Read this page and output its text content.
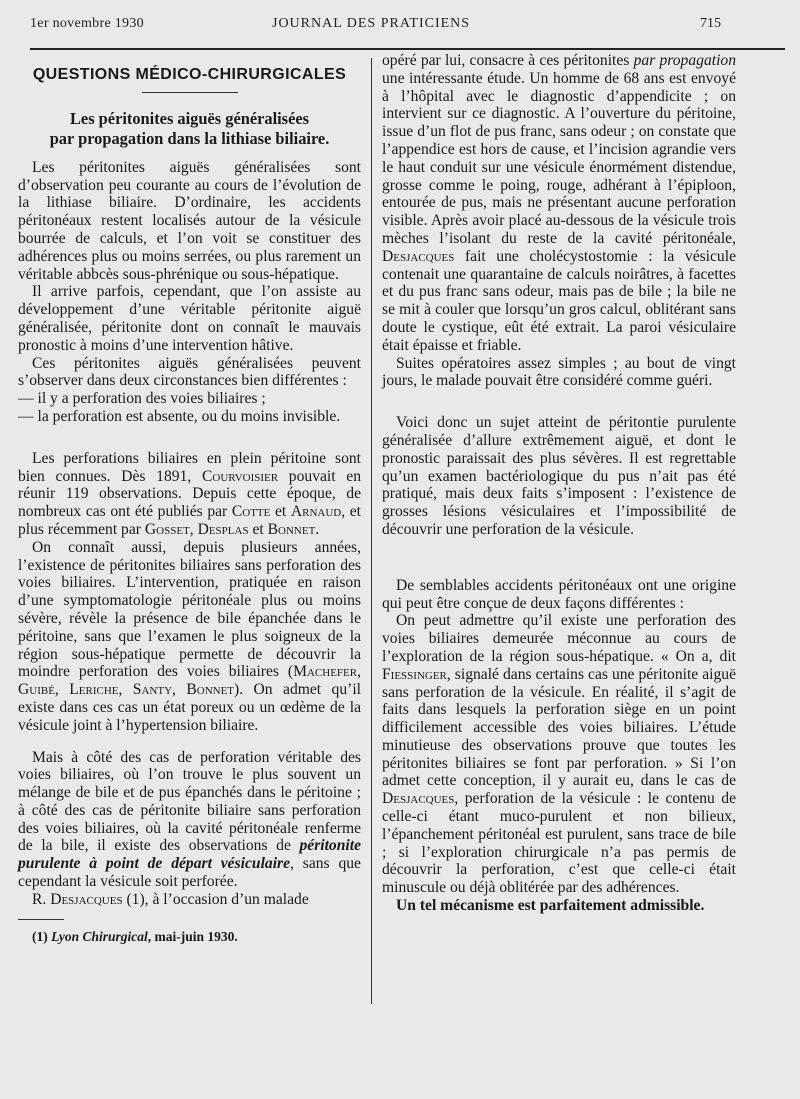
1er novembre 1930	JOURNAL DES PRATICIENS	715
QUESTIONS MÉDICO-CHIRURGICALES
Les péritonites aiguës généralisées
par propagation dans la lithiase biliaire.

Les péritonites aiguës généralisées sont d’observation peu courante au cours de l’évolution de la lithiase biliaire. D’ordinaire, les accidents péritonéaux restent localisés autour de la vésicule bourrée de calculs, et l’on voit se constituer des adhérences plus ou moins serrées, ou plus rarement un véritable abbcès sous-phrénique ou sous-hépatique.

Il arrive parfois, cependant, que l’on assiste au développement d’une véritable péritonite aiguë généralisée, péritonite dont on connaît le mauvais pronostic à moins d’une intervention hâtive.

Ces péritonites aiguës généralisées peuvent s’observer dans deux circonstances bien différentes :

— il y a perforation des voies biliaires ;

— la perforation est absente, ou du moins invisible.

Les perforations biliaires en plein péritoine sont bien connues. Dès 1891, Courvoisier pouvait en réunir 119 observations. Depuis cette époque, de nombreux cas ont été publiés par Cotte et Arnaud, et plus récemment par Gosset, Desplas et Bonnet.

On connaît aussi, depuis plusieurs années, l’existence de péritonites biliaires sans perforation des voies biliaires. L’intervention, pratiquée en raison d’une symptomatologie péritonéale plus ou moins sévère, révèle la présence de bile épanchée dans le péritoine, sans que l’examen le plus soigneux de la région sous-hépatique permette de découvrir la moindre perforation des voies biliaires (Machefer, Guibé, Leriche, Santy, Bonnet). On admet qu’il existe dans ces cas un état poreux ou un œdème de la vésicule joint à l’hypertension biliaire.

Mais à côté des cas de perforation véritable des voies biliaires, où l’on trouve le plus souvent un mélange de bile et de pus épanchés dans le péritoine ; à côté des cas de péritonite biliaire sans perforation des voies biliaires, où la cavité péritonéale renferme de la bile, il existe des observations de péritonite purulente à point de départ vésiculaire, sans que cependant la vésicule soit perforée.

R. Desjacques (1), à l’occasion d’un malade

(1) Lyon Chirurgical, mai-juin 1930.

opéré par lui, consacre à ces péritonites par propagation une intéressante étude. Un homme de 68 ans est envoyé à l’hôpital avec le diagnostic d’appendicite ; on intervient sur ce diagnostic. A l’ouverture du péritoine, issue d’un flot de pus franc, sans odeur ; on constate que l’appendice est hors de cause, et l’incision agrandie vers le haut conduit sur une vésicule énormément distendue, grosse comme le poing, rouge, adhérant à l’épiploon, entourée de pus, mais ne présentant aucune perforation visible. Après avoir placé au-dessous de la vésicule trois mèches l’isolant du reste de la cavité péritonéale, Desjacques fait une cholécystostomie : la vésicule contenait une quarantaine de calculs noirâtres, à facettes et du pus franc sans odeur, mais pas de bile ; la bile ne se mit à couler que lorsqu’un gros calcul, oblitérant sans doute le cystique, eût été extrait. La paroi vésiculaire était épaisse et friable.

Suites opératoires assez simples ; au bout de vingt jours, le malade pouvait être considéré comme guéri.

Voici donc un sujet atteint de péritontie purulente généralisée d’allure extrêmement aiguë, et dont le pronostic paraissait des plus sévères. Il est regrettable qu’un examen bactériologique du pus n’ait pas été pratiqué, mais deux faits s’imposent : l’existence de grosses lésions vésiculaires et l’impossibilité de découvrir une perforation de la vésicule.

De semblables accidents péritonéaux ont une origine qui peut être conçue de deux façons différentes :

On peut admettre qu’il existe une perforation des voies biliaires demeurée méconnue au cours de l’exploration de la région sous-hépatique. « On a, dit Fiessinger, signalé dans certains cas une péritonite aiguë sans perforation de la vésicule. En réalité, il s’agit de faits dans lesquels la perforation siège en un point difficilement accessible des voies biliaires. L’étude minutieuse des observations prouve que toutes les péritonites biliaires se font par perforation. » Si l’on admet cette conception, il y aurait eu, dans le cas de Desjacques, perforation de la vésicule : le contenu de celle-ci étant muco-purulent et non bilieux, l’épanchement péritonéal est purulent, sans trace de bile ; si l’exploration chirurgicale n’a pas permis de découvrir la perforation, c’est que celle-ci était minuscule ou déjà oblitérée par des adhérences.

Un tel mécanisme est parfaitement admissible.
